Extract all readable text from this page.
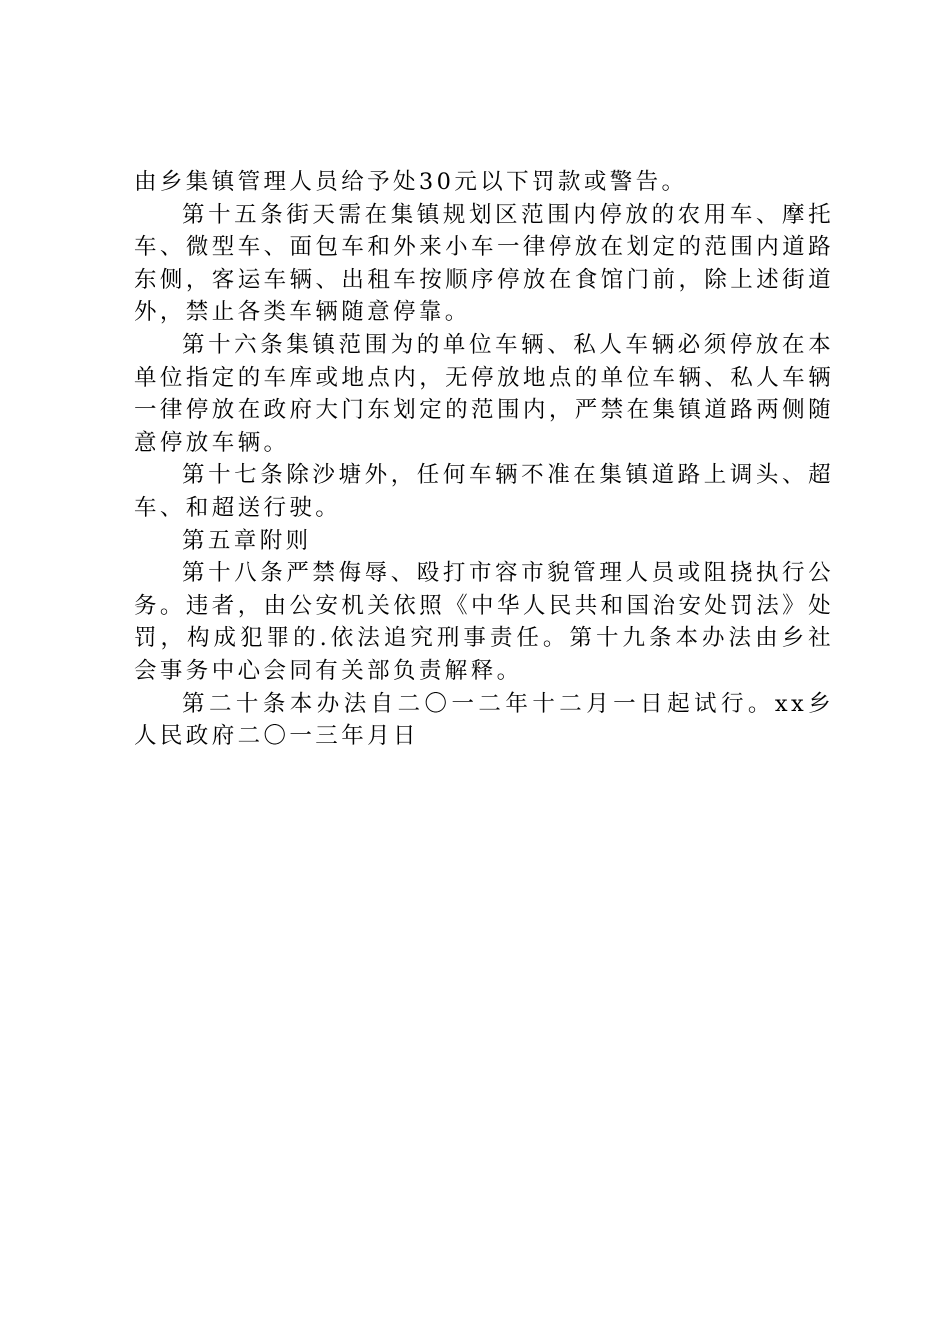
由乡集镇管理人员给予处30元以下罚款或警告。

第十五条街天需在集镇规划区范围内停放的农用车、摩托车、微型车、面包车和外来小车一律停放在划定的范围内道路东侧，客运车辆、出租车按顺序停放在食馆门前，除上述街道外，禁止各类车辆随意停靠。

第十六条集镇范围为的单位车辆、私人车辆必须停放在本单位指定的车库或地点内，无停放地点的单位车辆、私人车辆一律停放在政府大门东划定的范围内，严禁在集镇道路两侧随意停放车辆。

第十七条除沙塘外，任何车辆不准在集镇道路上调头、超车、和超送行驶。

第五章附则

第十八条严禁侮辱、殴打市容市貌管理人员或阻挠执行公务。违者，由公安机关依照《中华人民共和国治安处罚法》处罚，构成犯罪的.依法追究刑事责任。第十九条本办法由乡社会事务中心会同有关部负责解释。

第二十条本办法自二〇一二年十二月一日起试行。xx乡人民政府二〇一三年月日
